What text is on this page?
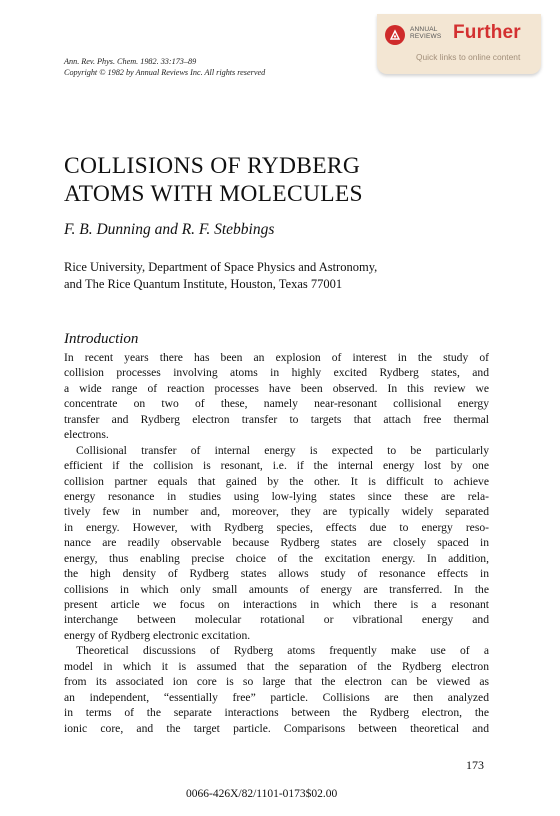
Ann. Rev. Phys. Chem. 1982. 33:173–89
Copyright © 1982 by Annual Reviews Inc. All rights reserved
ANNUAL
REVIEWS Further
Quick links to online content
COLLISIONS OF RYDBERG
ATOMS WITH MOLECULES
F. B. Dunning and R. F. Stebbings
Rice University, Department of Space Physics and Astronomy,
and The Rice Quantum Institute, Houston, Texas 77001
Introduction
In recent years there has been an explosion of interest in the study of
collision processes involving atoms in highly excited Rydberg states, and
a wide range of reaction processes have been observed. In this review we
concentrate on two of these, namely near-resonant collisional energy
transfer and Rydberg electron transfer to targets that attach free thermal
electrons.
Collisional transfer of internal energy is expected to be particularly
efficient if the collision is resonant, i.e. if the internal energy lost by one
collision partner equals that gained by the other. It is difficult to achieve
energy resonance in studies using low-lying states since these are rela-
tively few in number and, moreover, they are typically widely separated
in energy. However, with Rydberg species, effects due to energy reso-
nance are readily observable because Rydberg states are closely spaced in
energy, thus enabling precise choice of the excitation energy. In addition,
the high density of Rydberg states allows study of resonance effects in
collisions in which only small amounts of energy are transferred. In the
present article we focus on interactions in which there is a resonant
interchange between molecular rotational or vibrational energy and
energy of Rydberg electronic excitation.
Theoretical discussions of Rydberg atoms frequently make use of a
model in which it is assumed that the separation of the Rydberg electron
from its associated ion core is so large that the electron can be viewed as
an independent, “essentially free” particle. Collisions are then analyzed
in terms of the separate interactions between the Rydberg electron, the
ionic core, and the target particle. Comparisons between theoretical and
173
0066-426X/82/1101-0173$02.00
